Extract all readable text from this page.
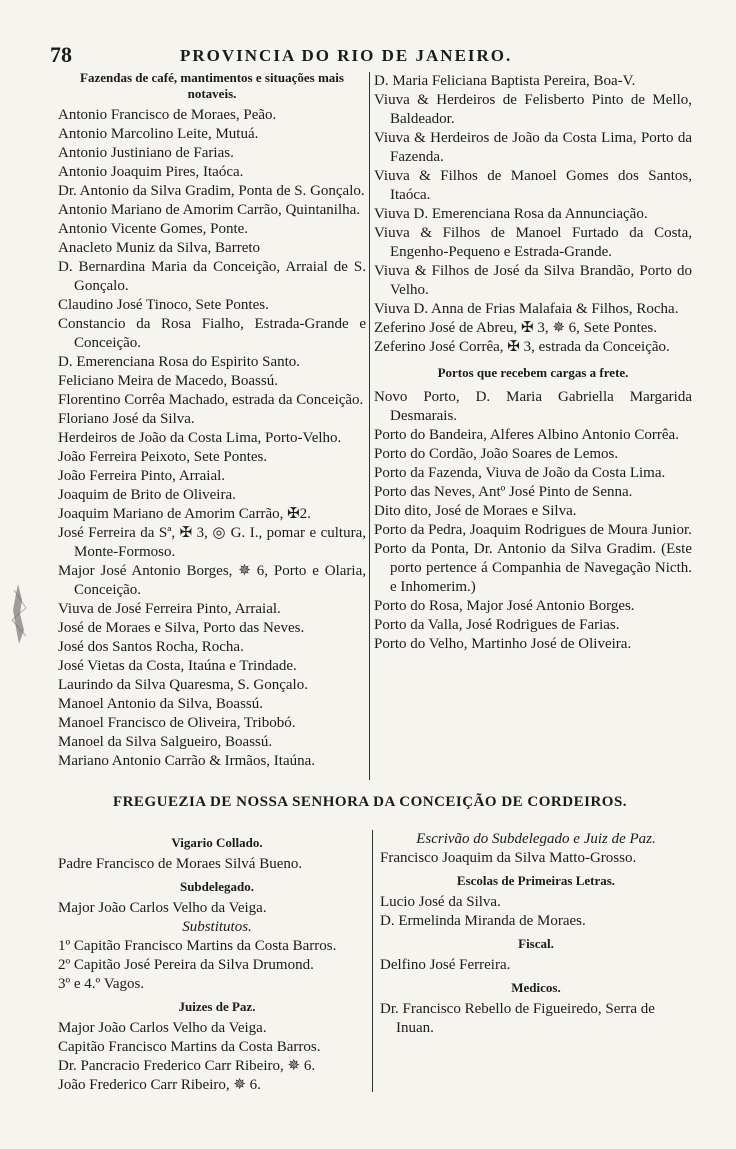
78	PROVINCIA DO RIO DE JANEIRO.

Fazendas de café, mantimentos e situações mais notaveis.

Antonio Francisco de Moraes, Peão.

Antonio Marcolino Leite, Mutuá.

Antonio Justiniano de Farias.

Antonio Joaquim Pires, Itaóca.

Dr. Antonio da Silva Gradim, Ponta de S. Gonçalo.

Antonio Mariano de Amorim Carrão, Quintanilha.

Antonio Vicente Gomes, Ponte.

Anacleto Muniz da Silva, Barreto

D. Bernardina Maria da Conceição, Arraial de S. Gonçalo.

Claudino José Tinoco, Sete Pontes.

Constancio da Rosa Fialho, Estrada-Grande e Conceição.

D. Emerenciana Rosa do Espirito Santo.

Feliciano Meira de Macedo, Boassú.

Florentino Corrêa Machado, estrada da Conceição.

Floriano José da Silva.

Herdeiros de João da Costa Lima, Porto-Velho.

João Ferreira Peixoto, Sete Pontes.

João Ferreira Pinto, Arraial.

Joaquim de Brito de Oliveira.

Joaquim Mariano de Amorim Carrão, ✠2.

José Ferreira da Sª, ✠ 3, ◎ G. I., pomar e cultura, Monte-Formoso.

Major José Antonio Borges, ✵ 6, Porto e Olaria, Conceição.

Viuva de José Ferreira Pinto, Arraial.

José de Moraes e Silva, Porto das Neves.

José dos Santos Rocha, Rocha.

José Vietas da Costa, Itaúna e Trindade.

Laurindo da Silva Quaresma, S. Gonçalo.

Manoel Antonio da Silva, Boassú.

Manoel Francisco de Oliveira, Tribobó.

Manoel da Silva Salgueiro, Boassú.

Mariano Antonio Carrão & Irmãos, Itaúna.

D. Maria Feliciana Baptista Pereira, Boa-V.

Viuva & Herdeiros de Felisberto Pinto de Mello, Baldeador.

Viuva & Herdeiros de João da Costa Lima, Porto da Fazenda.

Viuva & Filhos de Manoel Gomes dos Santos, Itaóca.

Viuva D. Emerenciana Rosa da Annunciação.

Viuva & Filhos de Manoel Furtado da Costa, Engenho-Pequeno e Estrada-Grande.

Viuva & Filhos de José da Silva Brandão, Porto do Velho.

Viuva D. Anna de Frias Malafaia & Filhos, Rocha.

Zeferino José de Abreu, ✠ 3, ✵ 6, Sete Pontes.

Zeferino José Corrêa, ✠ 3, estrada da Conceição.

Portos que recebem cargas a frete.

Novo Porto, D. Maria Gabriella Margarida Desmarais.

Porto do Bandeira, Alferes Albino Antonio Corrêa.

Porto do Cordão, João Soares de Lemos.

Porto da Fazenda, Viuva de João da Costa Lima.

Porto das Neves, Antº José Pinto de Senna.

Dito dito, José de Moraes e Silva.

Porto da Pedra, Joaquim Rodrigues de Moura Junior.

Porto da Ponta, Dr. Antonio da Silva Gradim. (Este porto pertence á Companhia de Navegação Nicth. e Inhomerim.)

Porto do Rosa, Major José Antonio Borges.

Porto da Valla, José Rodrigues de Farias.

Porto do Velho, Martinho José de Oliveira.

FREGUEZIA DE NOSSA SENHORA DA CONCEIÇÃO DE CORDEIROS.

Vigario Collado.

Padre Francisco de Moraes Silvá Bueno.

Subdelegado.

Major João Carlos Velho da Veiga.

Substitutos.

1º Capitão Francisco Martins da Costa Barros.

2º Capitão José Pereira da Silva Drumond.

3º e 4.º Vagos.

Juizes de Paz.

Major João Carlos Velho da Veiga.

Capitão Francisco Martins da Costa Barros.

Dr. Pancracio Frederico Carr Ribeiro, ✵ 6.

João Frederico Carr Ribeiro, ✵ 6.

Escrivão do Subdelegado e Juiz de Paz.

Francisco Joaquim da Silva Matto-Grosso.

Escolas de Primeiras Letras.

Lucio José da Silva.

D. Ermelinda Miranda de Moraes.

Fiscal.

Delfino José Ferreira.

Medicos.

Dr. Francisco Rebello de Figueiredo, Serra de Inuan.
